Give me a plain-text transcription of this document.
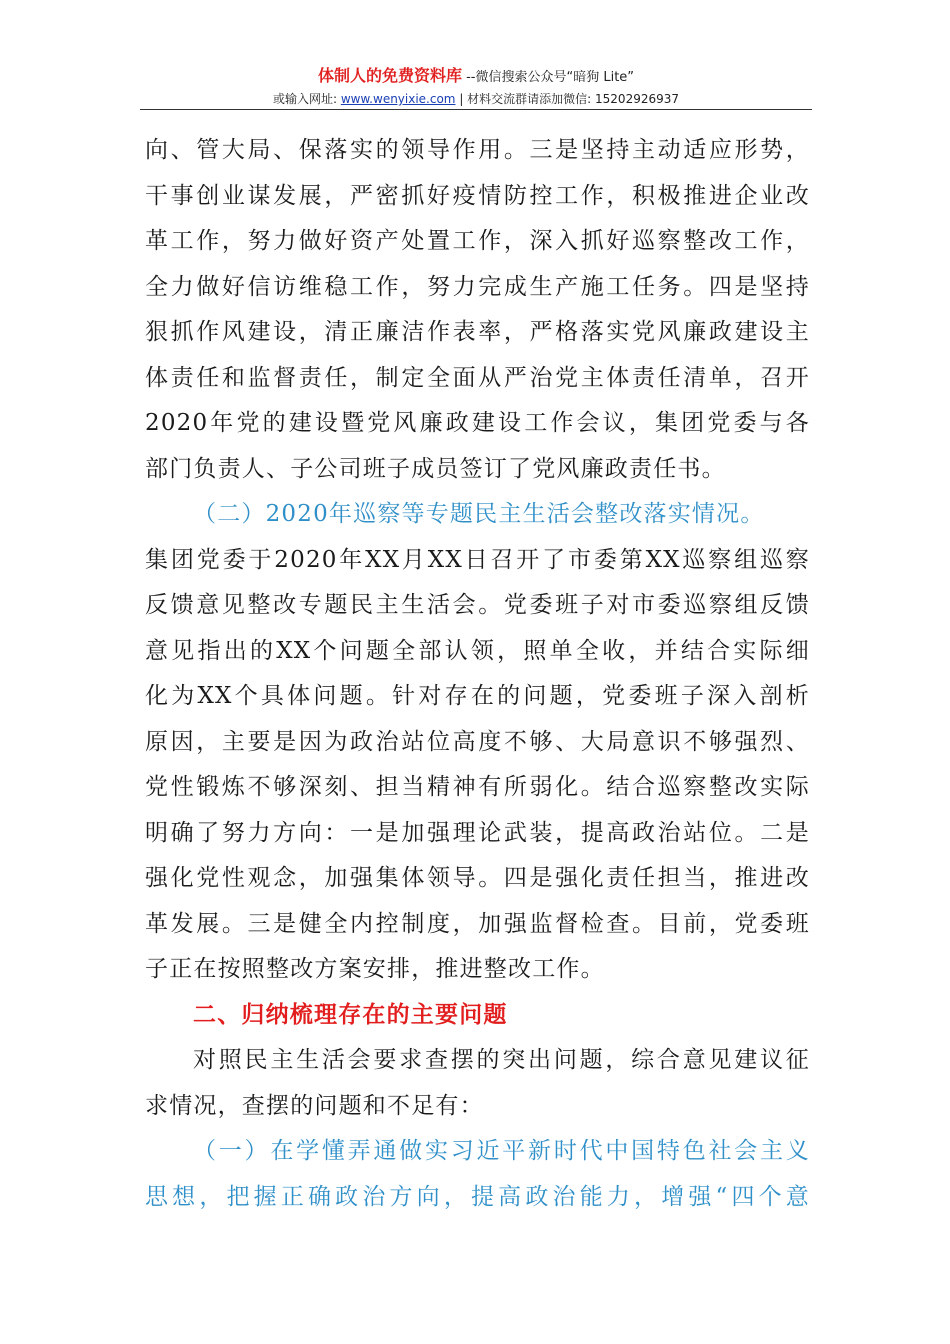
体制人的免费资料库 --微信搜索公众号“暗狗 Lite”
或输入网址: www.wenyixie.com | 材料交流群请添加微信: 15202926937
向、管大局、保落实的领导作用。三是坚持主动适应形势，
干事创业谋发展，严密抓好疫情防控工作，积极推进企业改
革工作，努力做好资产处置工作，深入抓好巡察整改工作，
全力做好信访维稳工作，努力完成生产施工任务。四是坚持
狠抓作风建设，清正廉洁作表率，严格落实党风廉政建设主
体责任和监督责任，制定全面从严治党主体责任清单，召开
2020年党的建设暨党风廉政建设工作会议，集团党委与各
部门负责人、子公司班子成员签订了党风廉政责任书。
（二）2020年巡察等专题民主生活会整改落实情况。
集团党委于2020年XX月XX日召开了市委第XX巡察组巡察
反馈意见整改专题民主生活会。党委班子对市委巡察组反馈
意见指出的XX个问题全部认领，照单全收，并结合实际细
化为XX个具体问题。针对存在的问题，党委班子深入剖析
原因，主要是因为政治站位高度不够、大局意识不够强烈、
党性锻炼不够深刻、担当精神有所弱化。结合巡察整改实际
明确了努力方向：一是加强理论武装，提高政治站位。二是
强化党性观念，加强集体领导。四是强化责任担当，推进改
革发展。三是健全内控制度，加强监督检查。目前，党委班
子正在按照整改方案安排，推进整改工作。
二、归纳梳理存在的主要问题
对照民主生活会要求查摆的突出问题，综合意见建议征
求情况，查摆的问题和不足有：
（一）在学懂弄通做实习近平新时代中国特色社会主义
思想，把握正确政治方向，提高政治能力，增强“四个意
